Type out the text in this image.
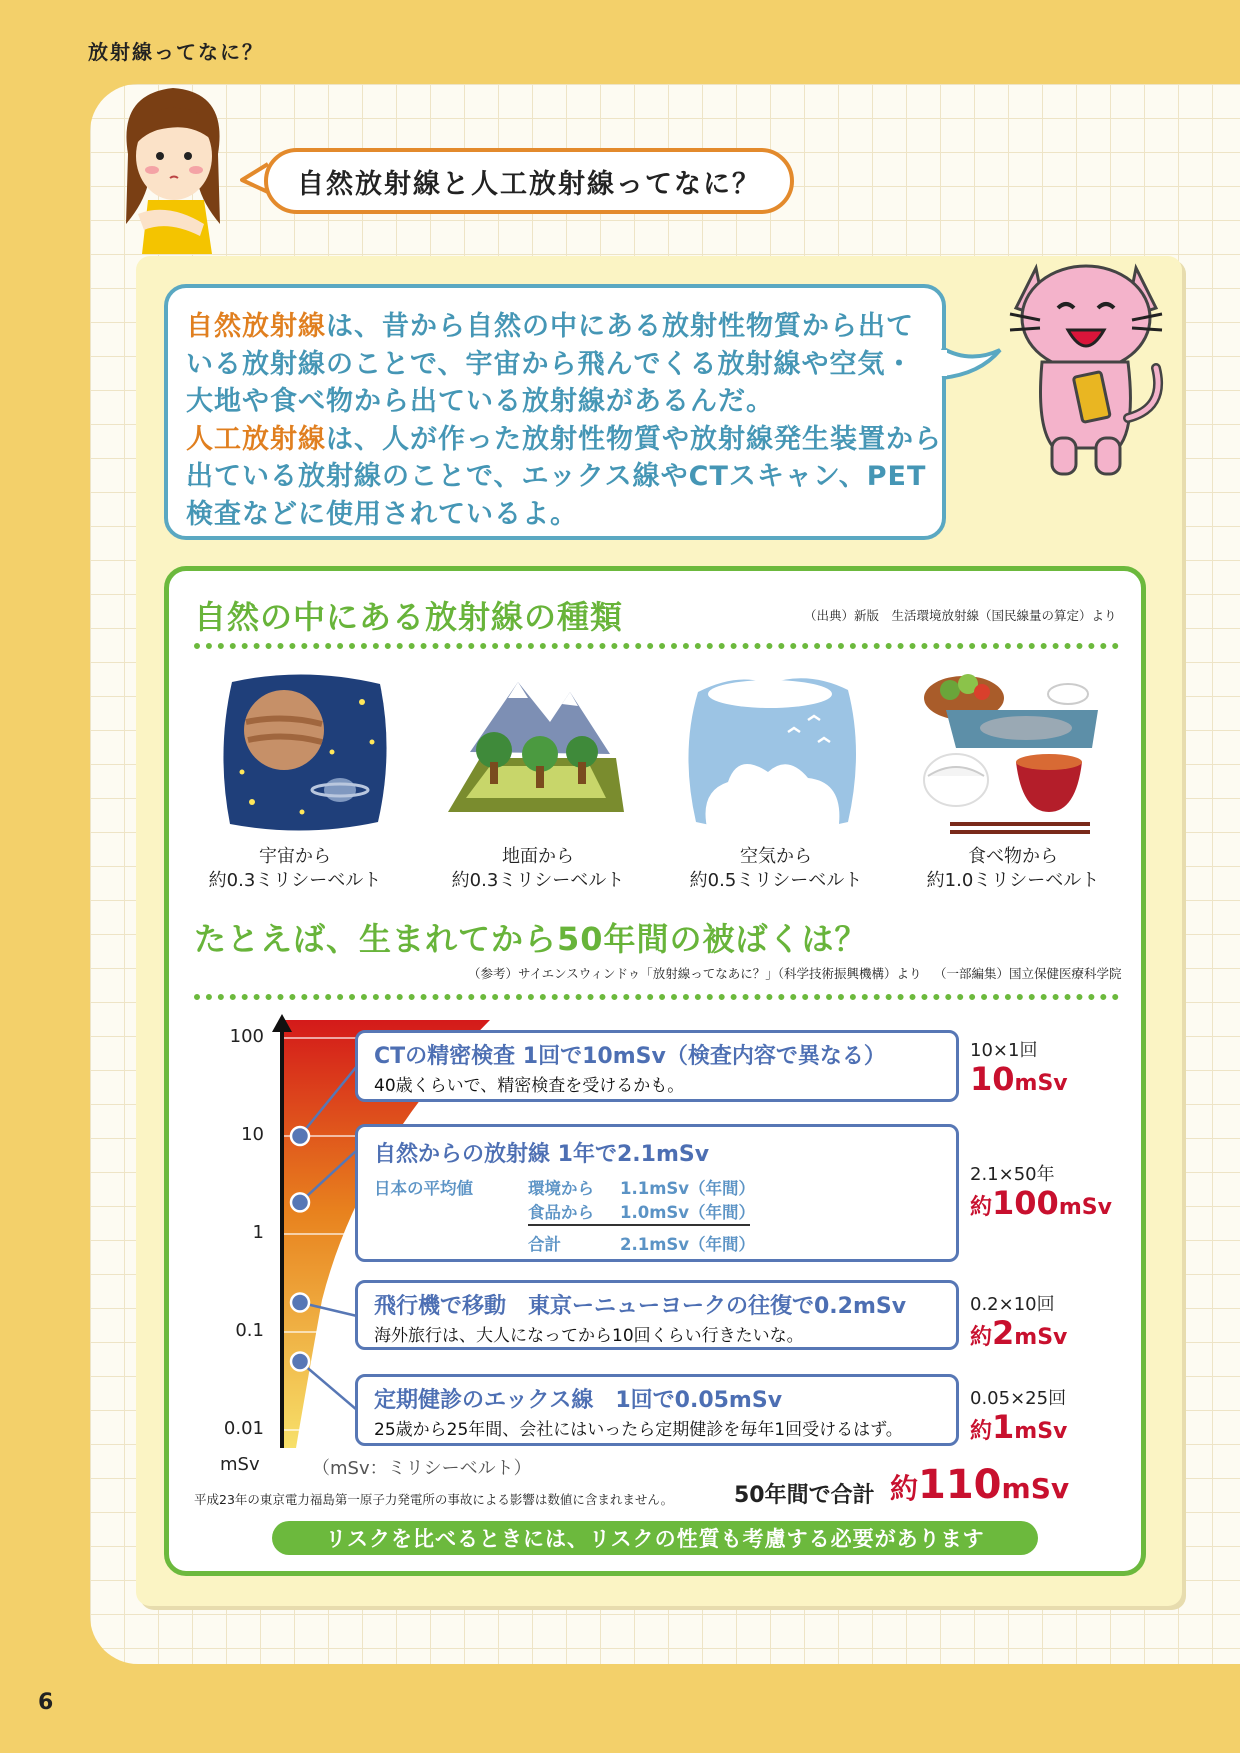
放射線ってなに？
自然放射線と人工放射線ってなに？

自然放射線は、昔から自然の中にある放射性物質から出て

いる放射線のことで、宇宙から飛んでくる放射線や空気・

大地や食べ物から出ている放射線があるんだ。

人工放射線は、人が作った放射性物質や放射線発生装置から

出ている放射線のことで、エックス線やCTスキャン、PET

検査などに使用されているよ。

自然の中にある放射線の種類	（出典）新版　生活環境放射線（国民線量の算定）より
宇宙から
約0.3ミリシーベルト
地面から
約0.3ミリシーベルト
空気から
約0.5ミリシーベルト
食べ物から
約1.0ミリシーベルト
たとえば、生まれてから50年間の被ばくは？
（参考）サイエンスウィンドゥ「放射線ってなあに？」（科学技術振興機構）より （一部編集）国立保健医療科学院
100
10
1
0.1
0.01
mSv	（mSv：ミリシーベルト）
CTの精密検査 1回で10mSv（検査内容で異なる）
40歳くらいで、精密検査を受けるかも。
自然からの放射線 1年で2.1mSv
日本の平均値	環境から 1.1mSv（年間）
食品から 1.0mSv（年間）
合計	2.1mSv（年間）
飛行機で移動　東京ーニューヨークの往復で0.2mSv
海外旅行は、大人になってから10回くらい行きたいな。
定期健診のエックス線　1回で0.05mSv
25歳から25年間、会社にはいったら定期健診を毎年1回受けるはず。
10×1回
10mSv
2.1×50年
約100mSv
0.2×10回
約2mSv
0.05×25回
約1mSv
平成23年の東京電力福島第一原子力発電所の事故による影響は数値に含まれません。	50年間で合計 約110mSv
リスクを比べるときには、リスクの性質も考慮する必要があります
6
